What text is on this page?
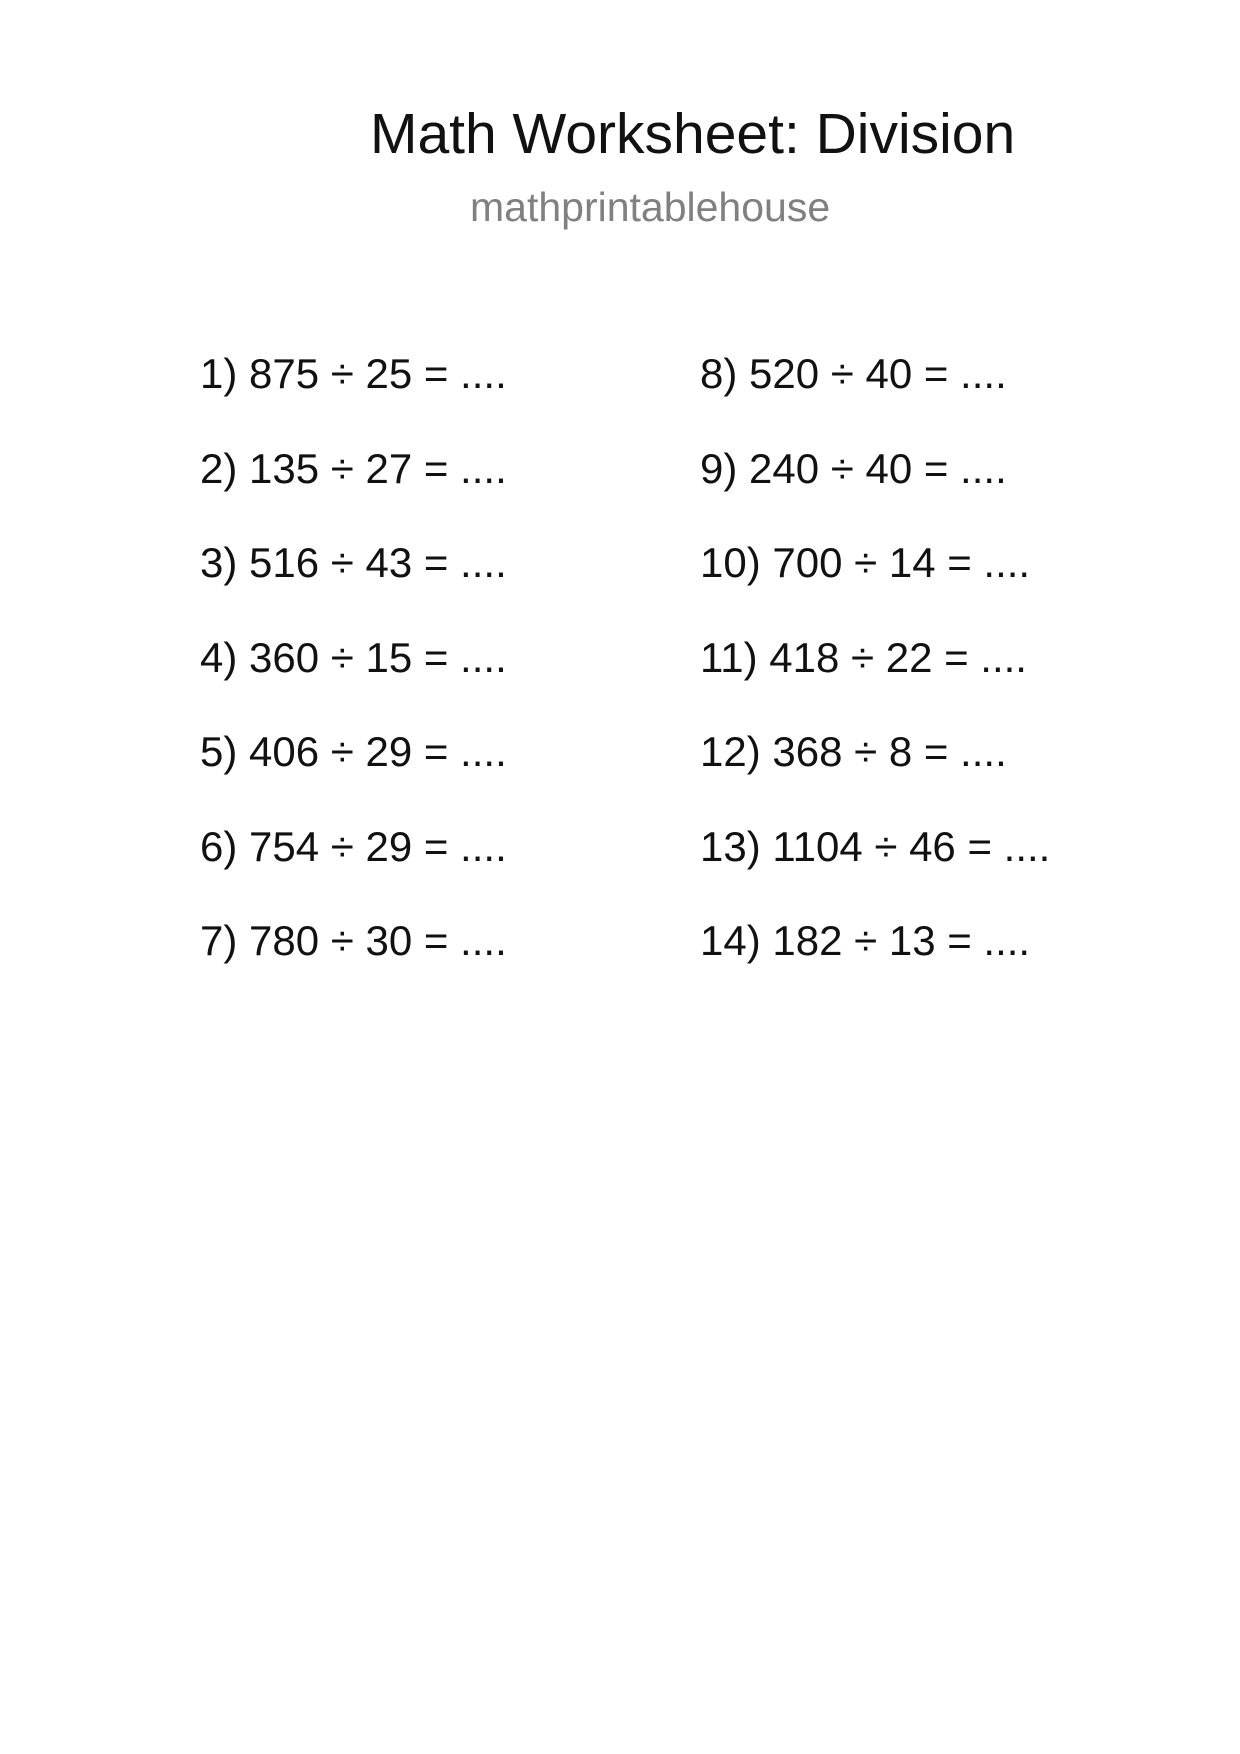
Math Worksheet: Division
mathprintablehouse
1) 875 ÷ 25 = ....
2) 135 ÷ 27 = ....
3) 516 ÷ 43 = ....
4) 360 ÷ 15 = ....
5) 406 ÷ 29 = ....
6) 754 ÷ 29 = ....
7) 780 ÷ 30 = ....
8) 520 ÷ 40 = ....
9) 240 ÷ 40 = ....
10) 700 ÷ 14 = ....
11) 418 ÷ 22 = ....
12) 368 ÷ 8 = ....
13) 1104 ÷ 46 = ....
14) 182 ÷ 13 = ....
